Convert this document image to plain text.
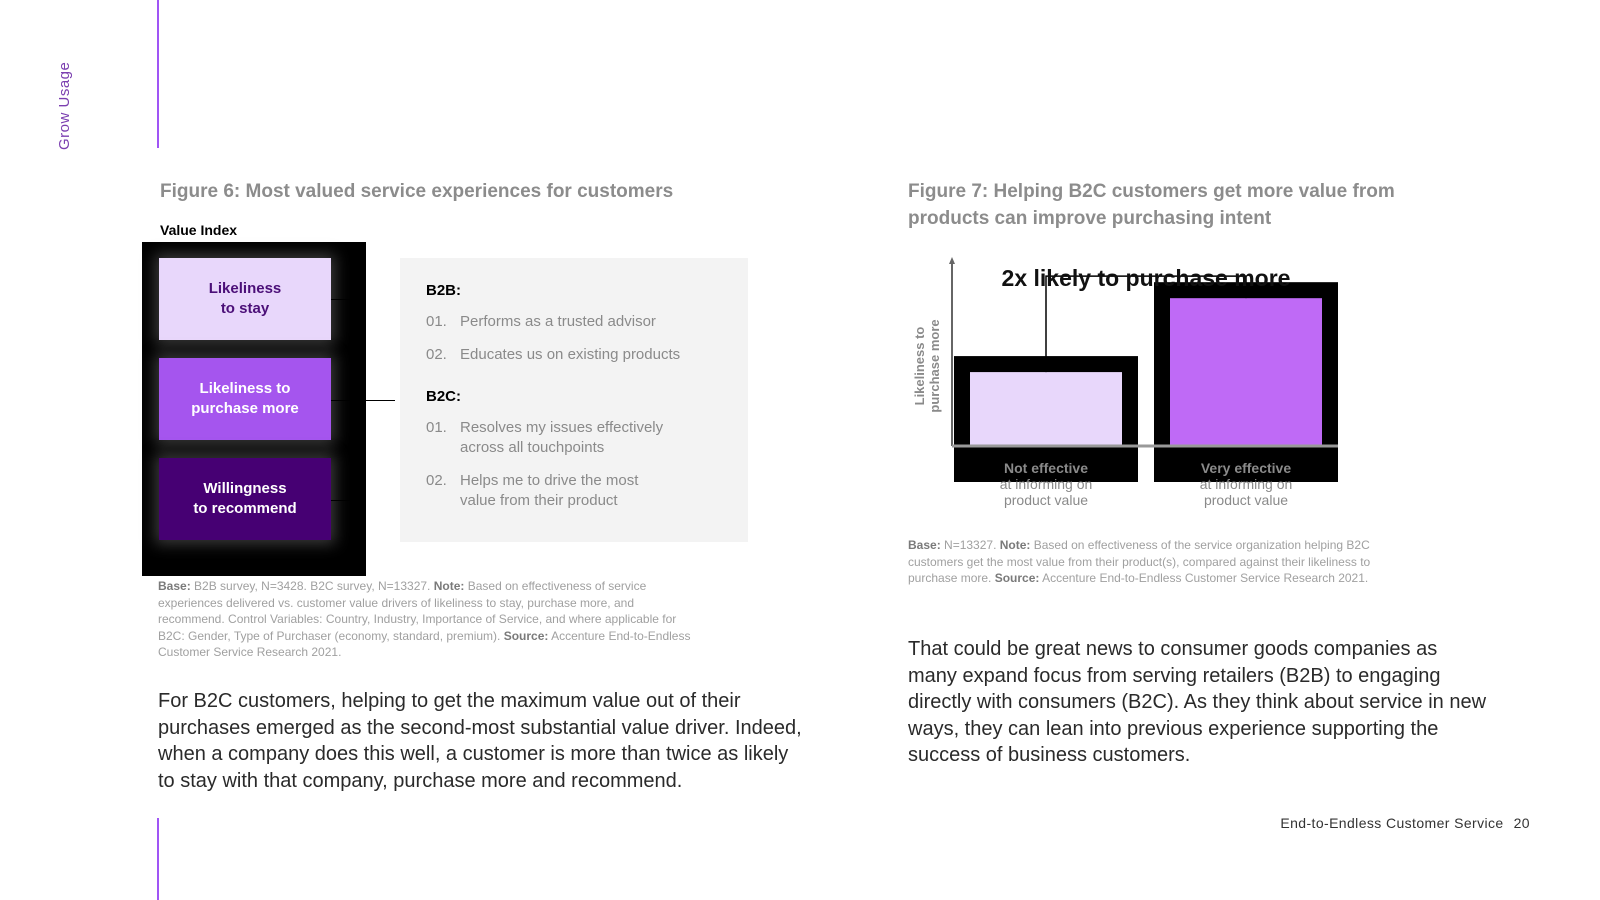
Grow Usage
Figure 6: Most valued service experiences for customers
Value Index
Likeliness
to stay
Likeliness to
purchase more
Willingness
to recommend
B2B:
01. Performs as a trusted advisor
02. Educates us on existing products
B2C:
01. Resolves my issues effectively
across all touchpoints
02. Helps me to drive the most
value from their product
Base: B2B survey, N=3428. B2C survey, N=13327. Note: Based on effectiveness of service experiences delivered vs. customer value drivers of likeliness to stay, purchase more, and recommend. Control Variables: Country, Industry, Importance of Service, and where applicable for B2C: Gender, Type of Purchaser (economy, standard, premium). Source: Accenture End-to-Endless Customer Service Research 2021.
For B2C customers, helping to get the maximum value out of their purchases emerged as the second-most substantial value driver. Indeed, when a company does this well, a customer is more than twice as likely to stay with that company, purchase more and recommend.
Figure 7: Helping B2C customers get more value from products can improve purchasing intent
2x likely to purchase more
Likeliness topurchase more
Not effective at informing on product value
Very effective at informing on product value
Base: N=13327. Note: Based on effectiveness of the service organization helping B2C customers get the most value from their product(s), compared against their likeliness to purchase more. Source: Accenture End-to-Endless Customer Service Research 2021.
That could be great news to consumer goods companies as many expand focus from serving retailers (B2B) to engaging directly with consumers (B2C). As they think about service in new ways, they can lean into previous experience supporting the success of business customers.
End-to-Endless Customer Service 20
